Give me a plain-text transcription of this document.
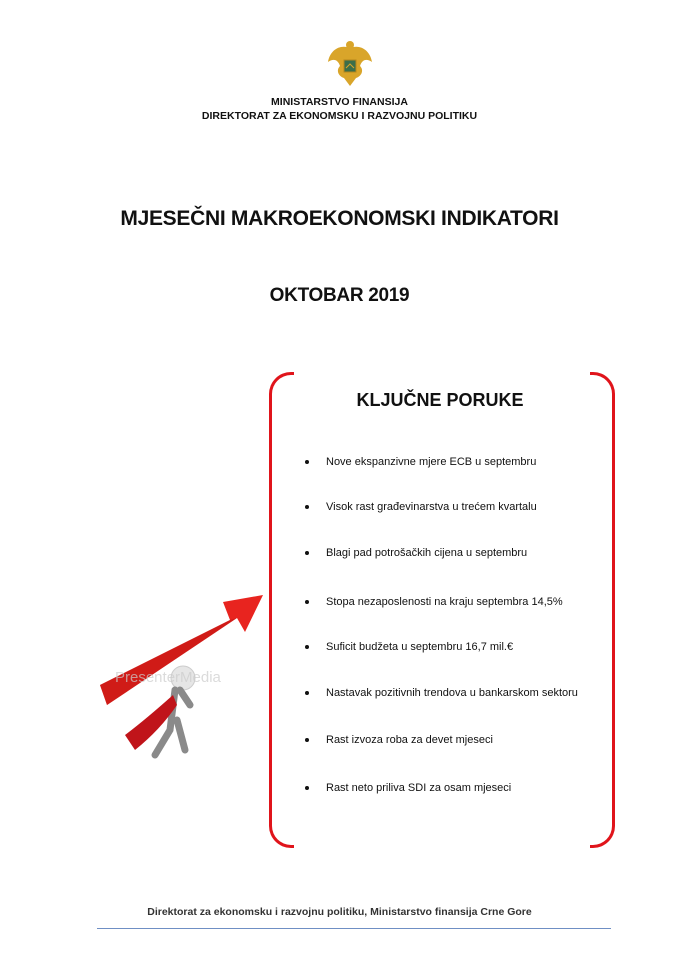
MINISTARSTVO FINANSIJA
DIREKTORAT ZA EKONOMSKU I RAZVOJNU POLITIKU
MJESEČNI MAKROEKONOMSKI INDIKATORI
OKTOBAR 2019
PresenterMedia
KLJUČNE PORUKE
Nove ekspanzivne mjere ECB u septembru
Visok rast građevinarstva u trećem kvartalu
Blagi pad potrošačkih cijena u septembru
Stopa nezaposlenosti na kraju septembra 14,5%
Suficit budžeta u septembru 16,7 mil.€
Nastavak pozitivnih trendova u bankarskom sektoru
Rast izvoza roba za devet mjeseci
Rast neto priliva SDI za osam mjeseci
Direktorat za ekonomsku i razvojnu politiku, Ministarstvo finansija Crne Gore
